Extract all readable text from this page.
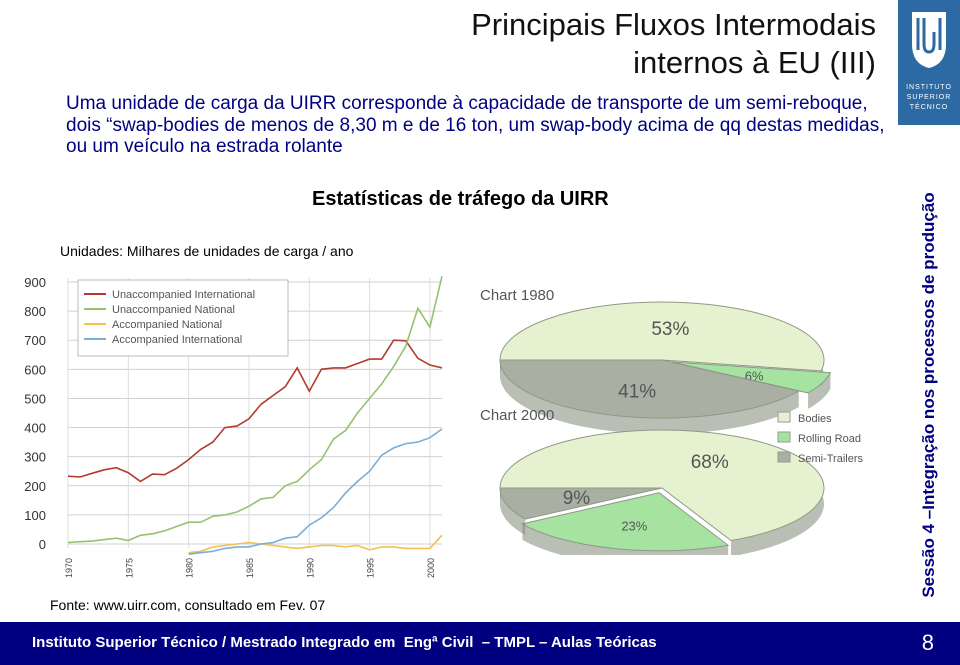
Principais Fluxos Intermodais
internos à EU (III)
Uma unidade de carga da UIRR corresponde à capacidade de transporte de um semi-reboque, dois “swap-bodies de menos de 8,30 m e de 16 ton, um swap-body acima de qq destas medidas, ou um veículo na estrada rolante
INSTITUTO
SUPERIOR
TÉCNICO
Sessão 4 –Integração nos processos de produção
Estatísticas de tráfego da UIRR
Unidades: Milhares de unidades de carga / ano
0
100
200
300
400
500
600
700
800
900
1970	1975	1980	1985	1990	1995	2000
Unaccompanied International
Unaccompanied National
Accompanied National
Accompanied International
Chart 1980
53%
6%
41%
Chart 2000
68%
23%
9%
Bodies
Rolling Road
Semi-Trailers
Fonte: www.uirr.com, consultado em Fev. 07
Instituto Superior Técnico / Mestrado Integrado em  Engª Civil  – TMPL – Aulas Teóricas	8
